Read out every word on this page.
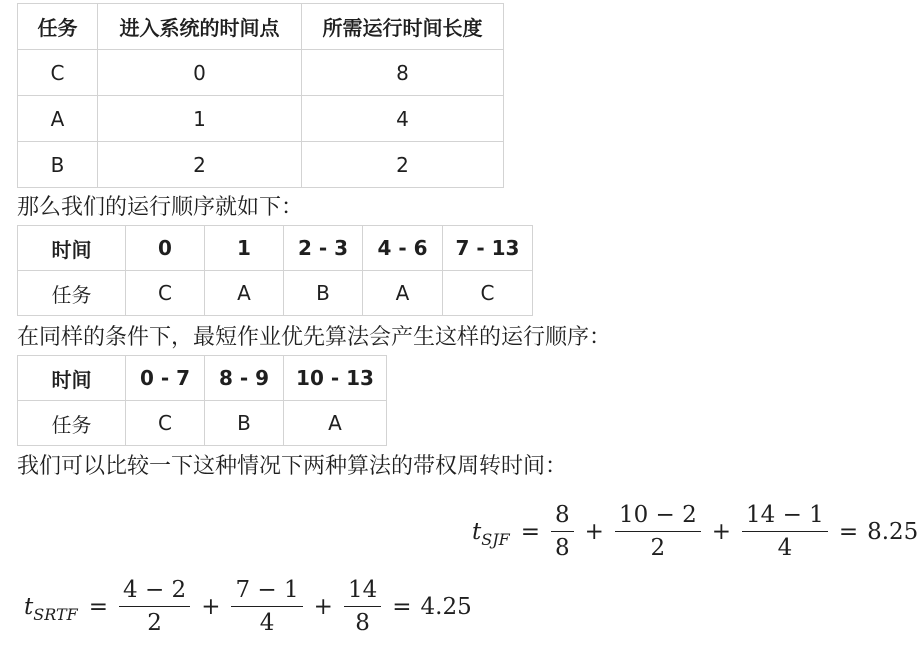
任务	进入系统的时间点	所需运行时间长度
C	0	8
A	1	4
B	2	2
那么我们的运行顺序就如下：
时间	0	1	2 - 3	4 - 6	7 - 13
任务	C	A	B	A	C
在同样的条件下，最短作业优先算法会产生这样的运行顺序：
时间	0 - 7	8 - 9	10 - 13
任务	C	B	A
我们可以比较一下这种情况下两种算法的带权周转时间：
t SJF = $\frac{8}{8} + \frac{10 - 2}{2} + \frac{14 - 1}{4} = 8.25$
t SRTF = $\frac{4 - 2}{2} + \frac{7 - 1}{4} + \frac{14}{8} = 4.25$
